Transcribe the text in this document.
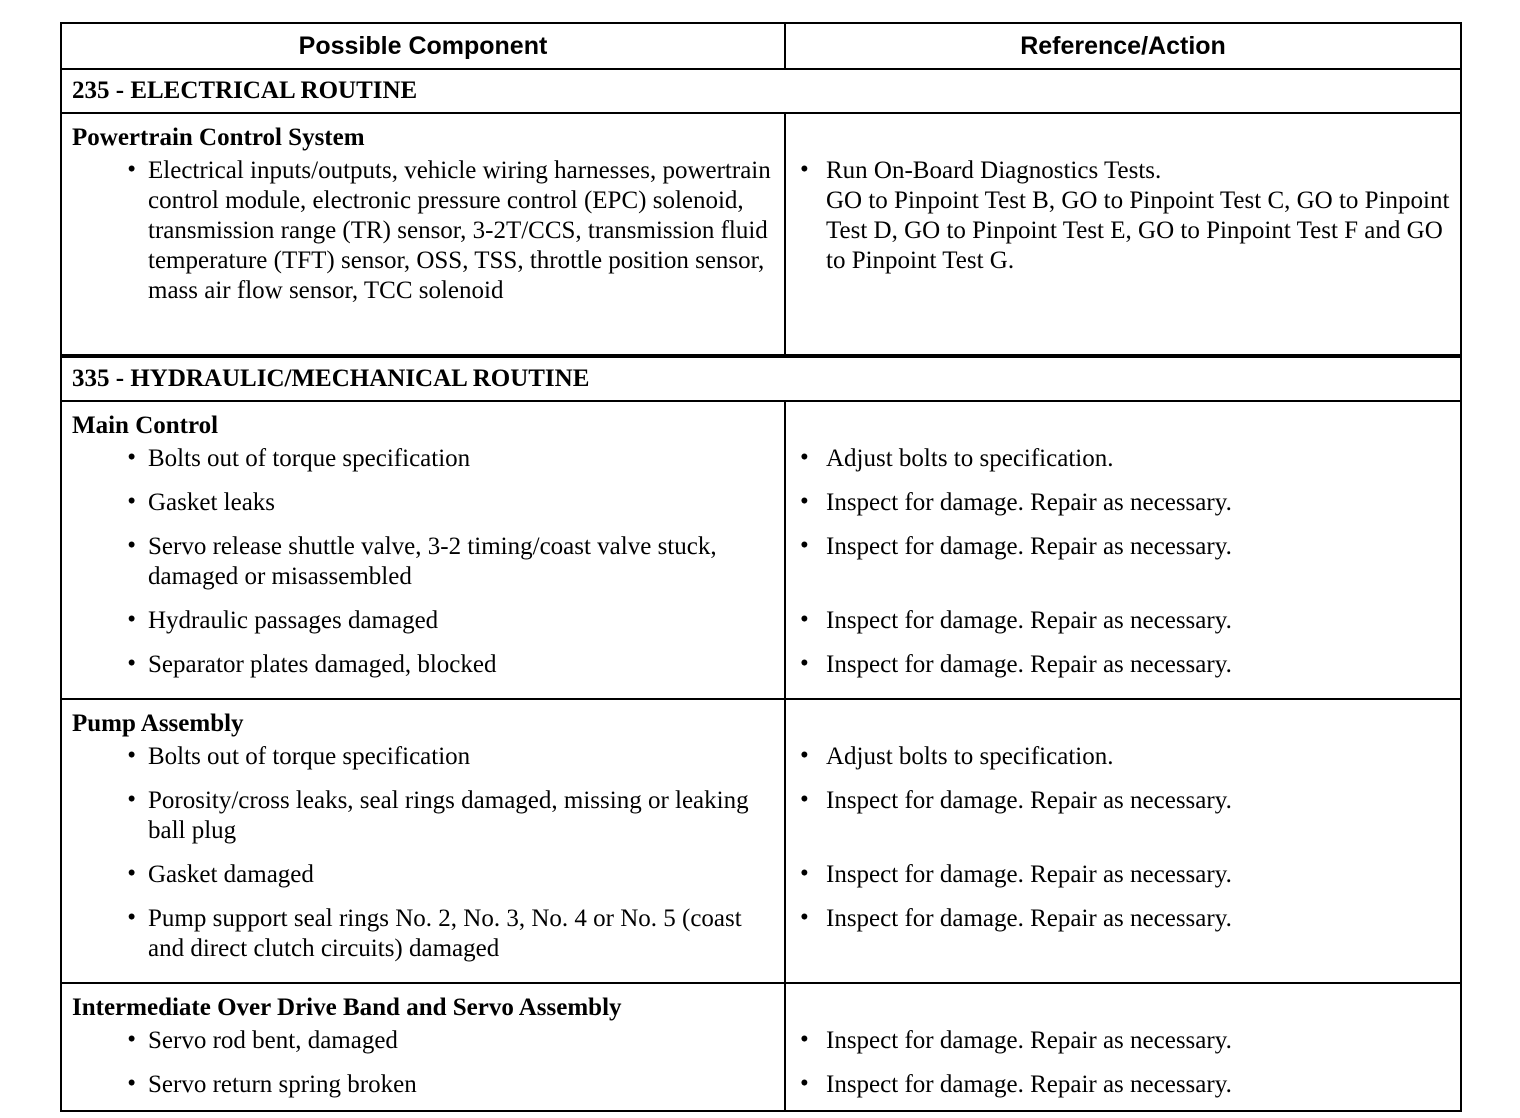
Possible Component	Reference/Action
235 - ELECTRICAL ROUTINE
Powertrain Control System
• Electrical inputs/outputs, vehicle wiring harnesses, powertrain control module, electronic pressure control (EPC) solenoid, transmission range (TR) sensor, 3-2T/CCS, transmission fluid temperature (TFT) sensor, OSS, TSS, throttle position sensor, mass air flow sensor, TCC solenoid
• Run On-Board Diagnostics Tests.
GO to Pinpoint Test B, GO to Pinpoint Test C, GO to Pinpoint Test D, GO to Pinpoint Test E, GO to Pinpoint Test F and GO to Pinpoint Test G.
335 - HYDRAULIC/MECHANICAL ROUTINE
Main Control
• Bolts out of torque specification
• Gasket leaks
• Servo release shuttle valve, 3-2 timing/coast valve stuck, damaged or misassembled
• Hydraulic passages damaged
• Separator plates damaged, blocked
• Adjust bolts to specification.
• Inspect for damage. Repair as necessary.
• Inspect for damage. Repair as necessary.
• Inspect for damage. Repair as necessary.
• Inspect for damage. Repair as necessary.
Pump Assembly
• Bolts out of torque specification
• Porosity/cross leaks, seal rings damaged, missing or leaking ball plug
• Gasket damaged
• Pump support seal rings No. 2, No. 3, No. 4 or No. 5 (coast and direct clutch circuits) damaged
• Adjust bolts to specification.
• Inspect for damage. Repair as necessary.
• Inspect for damage. Repair as necessary.
• Inspect for damage. Repair as necessary.
Intermediate Over Drive Band and Servo Assembly
• Servo rod bent, damaged
• Servo return spring broken
• Inspect for damage. Repair as necessary.
• Inspect for damage. Repair as necessary.
